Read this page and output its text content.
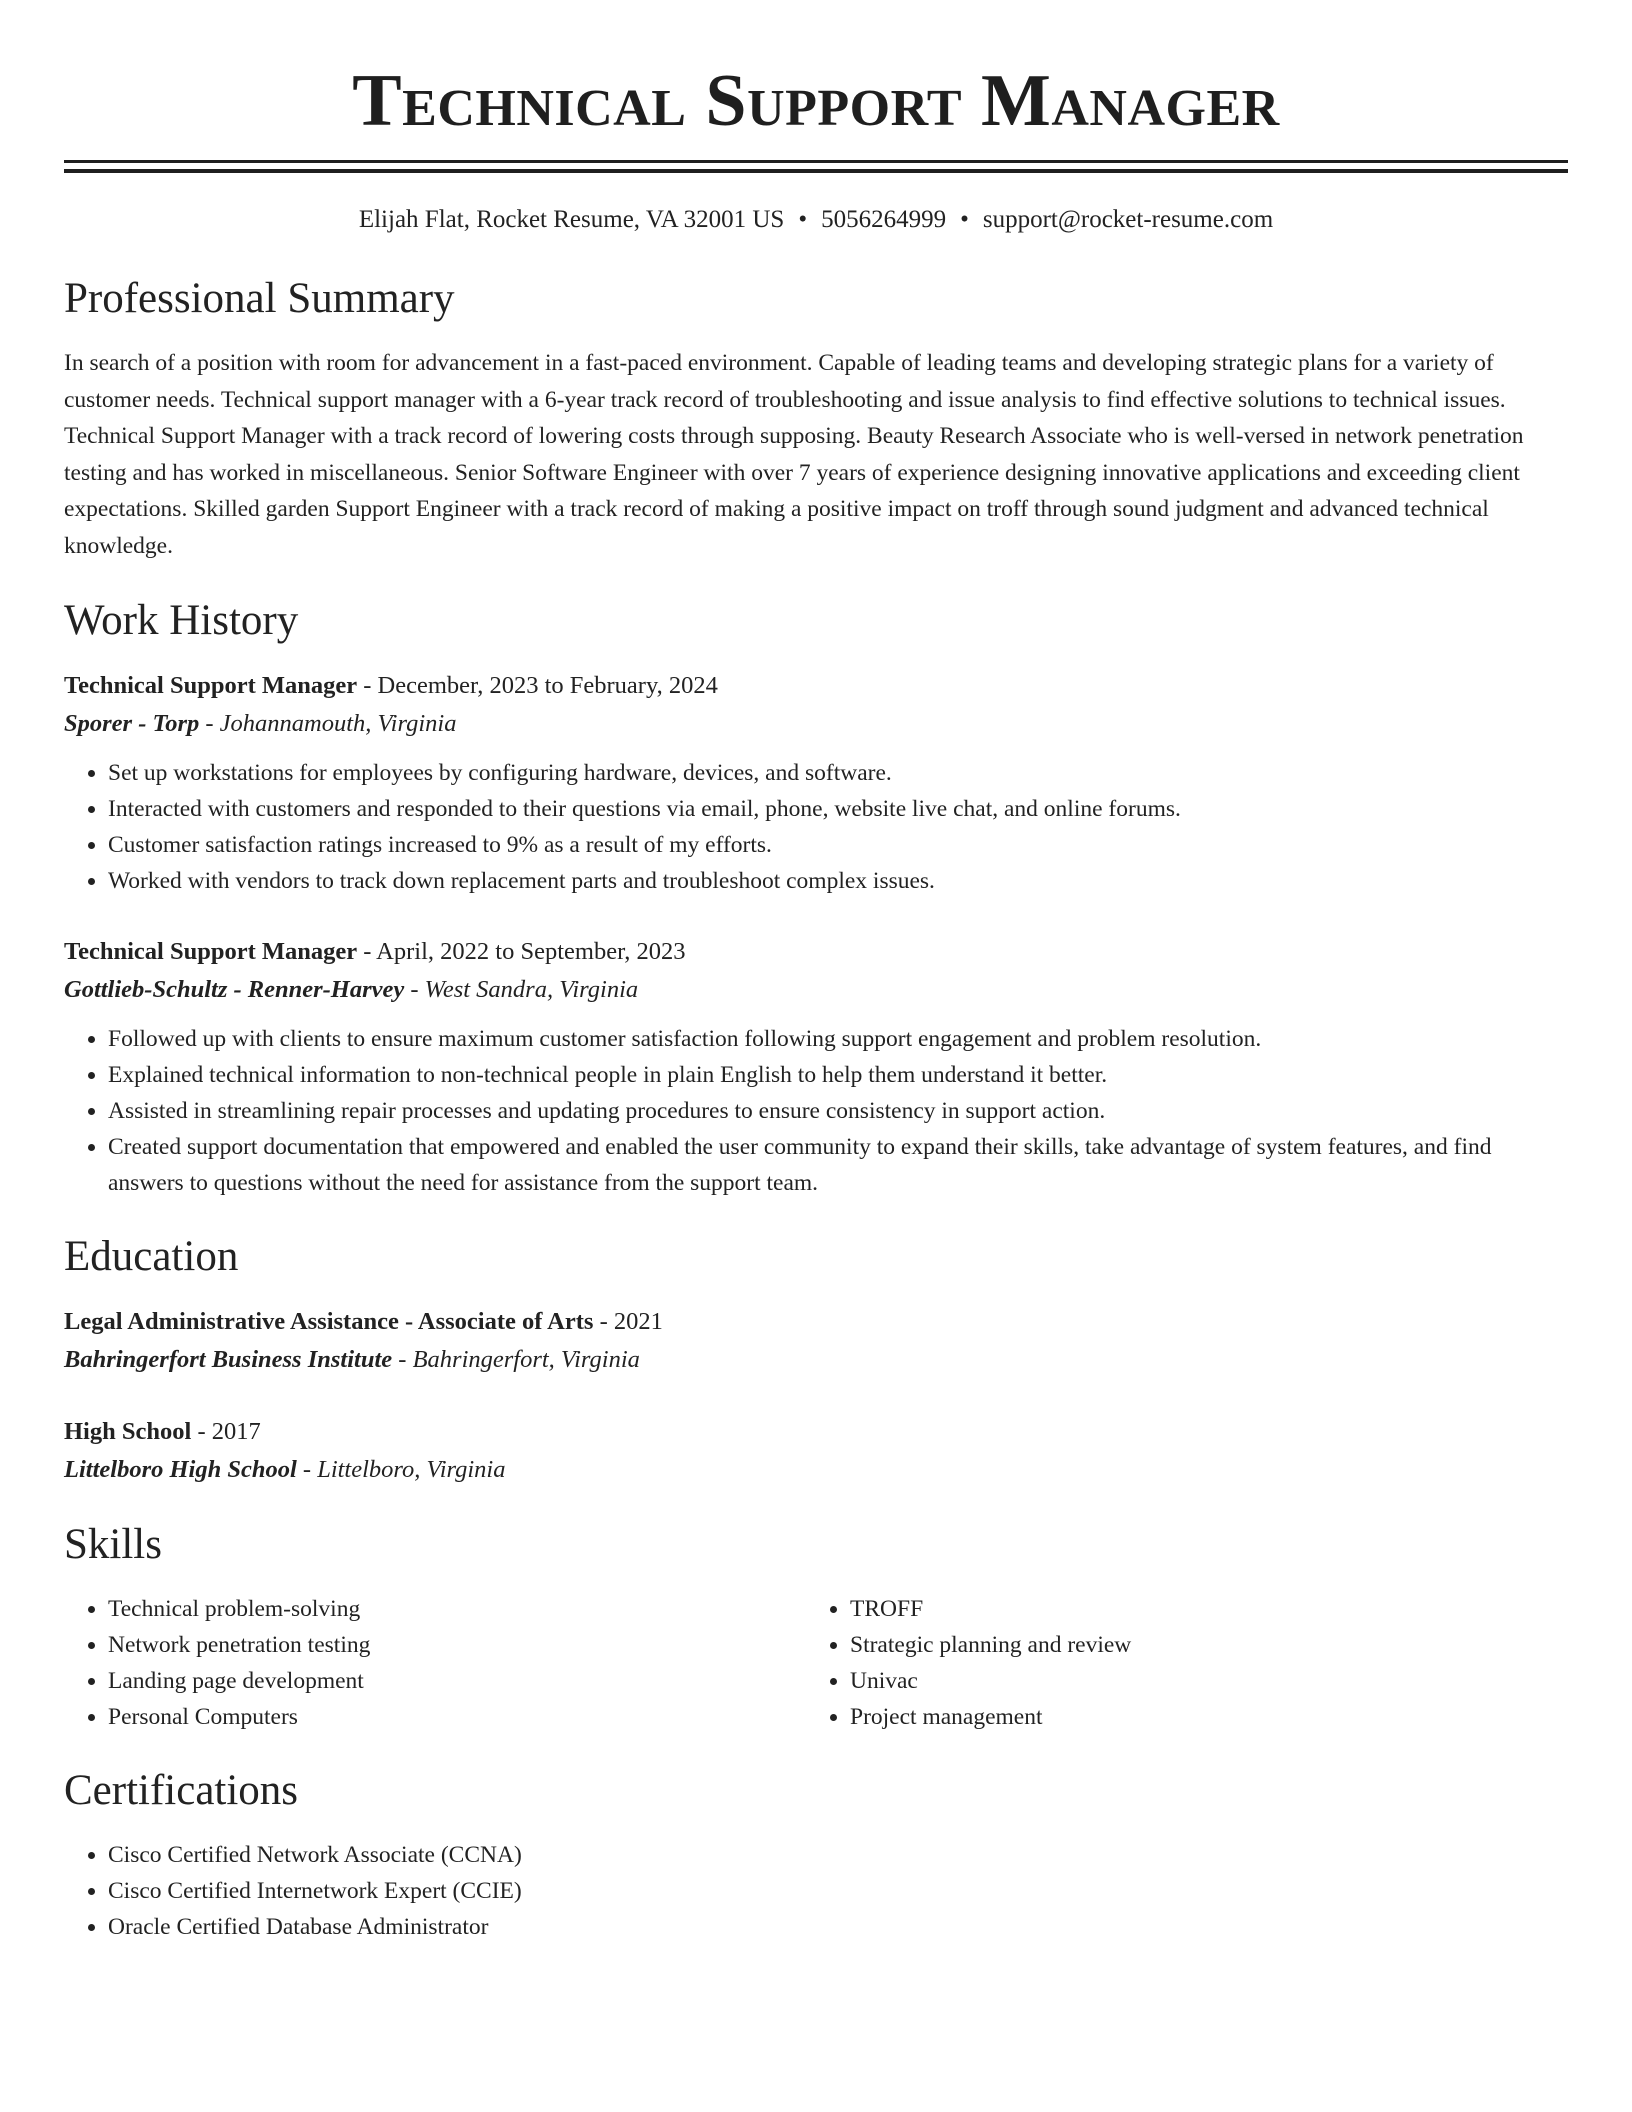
Technical Support Manager
Elijah Flat, Rocket Resume, VA 32001 US • 5056264999 • support@rocket-resume.com
Professional Summary
In search of a position with room for advancement in a fast-paced environment. Capable of leading teams and developing strategic plans for a variety of customer needs. Technical support manager with a 6-year track record of troubleshooting and issue analysis to find effective solutions to technical issues. Technical Support Manager with a track record of lowering costs through supposing. Beauty Research Associate who is well-versed in network penetration testing and has worked in miscellaneous. Senior Software Engineer with over 7 years of experience designing innovative applications and exceeding client expectations. Skilled garden Support Engineer with a track record of making a positive impact on troff through sound judgment and advanced technical knowledge.
Work History
Technical Support Manager - December, 2023 to February, 2024
Sporer - Torp - Johannamouth, Virginia
• Set up workstations for employees by configuring hardware, devices, and software.
• Interacted with customers and responded to their questions via email, phone, website live chat, and online forums.
• Customer satisfaction ratings increased to 9% as a result of my efforts.
• Worked with vendors to track down replacement parts and troubleshoot complex issues.
Technical Support Manager - April, 2022 to September, 2023
Gottlieb-Schultz - Renner-Harvey - West Sandra, Virginia
• Followed up with clients to ensure maximum customer satisfaction following support engagement and problem resolution.
• Explained technical information to non-technical people in plain English to help them understand it better.
• Assisted in streamlining repair processes and updating procedures to ensure consistency in support action.
• Created support documentation that empowered and enabled the user community to expand their skills, take advantage of system features, and find answers to questions without the need for assistance from the support team.
Education
Legal Administrative Assistance - Associate of Arts - 2021
Bahringerfort Business Institute - Bahringerfort, Virginia
High School - 2017
Littelboro High School - Littelboro, Virginia
Skills
• Technical problem-solving
• Network penetration testing
• Landing page development
• Personal Computers
• TROFF
• Strategic planning and review
• Univac
• Project management
Certifications
• Cisco Certified Network Associate (CCNA)
• Cisco Certified Internetwork Expert (CCIE)
• Oracle Certified Database Administrator
